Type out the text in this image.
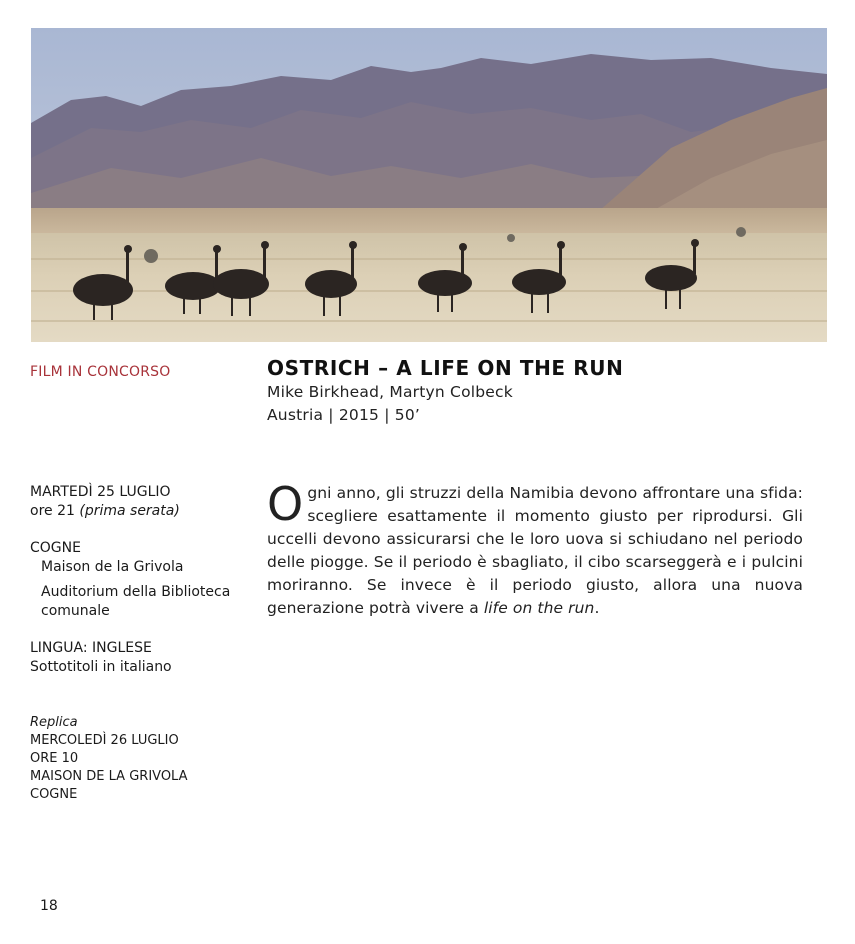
FILM IN CONCORSO	OSTRICH – A LIFE ON THE RUN
Mike Birkhead, Martyn Colbeck
Austria | 2015 | 50’
MARTEDÌ 25 LUGLIO
ore 21 (prima serata)
COGNE
Maison de la Grivola
Auditorium della Biblioteca
comunale
LINGUA: INGLESE
Sottotitoli in italiano
Replica
MERCOLEDÌ 26 LUGLIO
ORE 10
MAISON DE LA GRIVOLA
COGNE
Ogni anno, gli struzzi della Namibia devono affrontare una sfida: scegliere esattamente il momento giusto per riprodursi. Gli uccelli devono assicurarsi che le loro uova si schiudano nel periodo delle piogge. Se il periodo è sbagliato, il cibo scarseggerà e i pulcini moriranno. Se invece è il periodo giusto, allora una nuova generazione potrà vivere a life on the run.
18
